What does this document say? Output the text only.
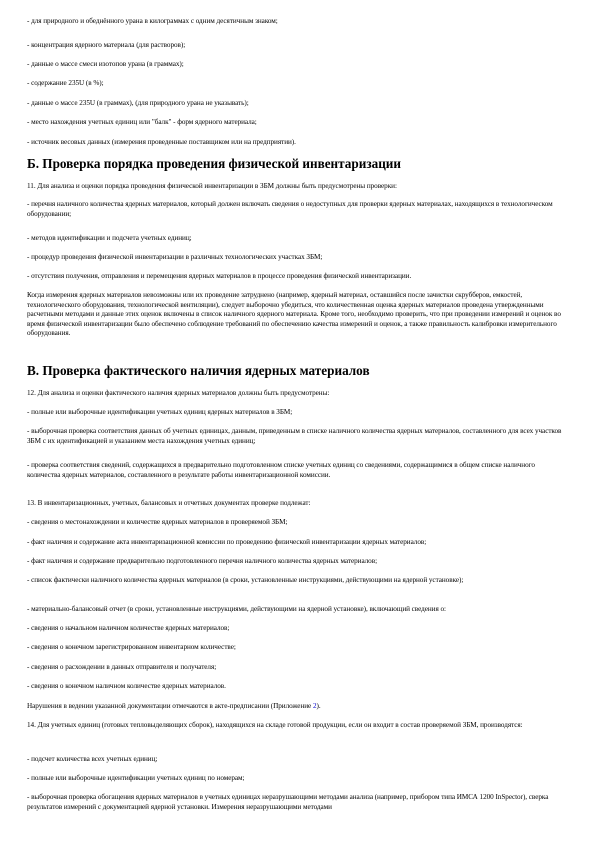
- для природного и обеднённого урана в килограммах с одним десятичным знаком;

- концентрация ядерного материала (для растворов);

- данные о массе смеси изотопов урана (в граммах);

- содержание 235U (в %);

- данные о массе 235U (в граммах), (для природного урана не указывать);

- место нахождения учетных единиц или "балк" - форм ядерного материала;

- источник весовых данных (измерения проведенные поставщиком или на предприятии).

Б. Проверка порядка проведения физической инвентаризации

11. Для анализа и оценки порядка проведения физической инвентаризации в ЗБМ должны быть предусмотрены проверки:

- перечня наличного количества ядерных материалов, который должен включать сведения о недоступных для проверки ядерных материалах, находящихся в технологическом оборудовании;

- методов идентификации и подсчета учетных единиц;

- процедур проведения физической инвентаризации в различных технологических участках ЗБМ;

- отсутствия получения, отправления и перемещения ядерных материалов в процессе проведения физической инвентаризации.

Когда измерения ядерных материалов невозможны или их проведение затруднено (например, ядерный материал, оставшийся после зачистки скрубберов, емкостей, технологического оборудования, технологической вентиляции), следует выборочно убедиться, что количественная оценка ядерных материалов проведена утвержденными расчетными методами и данные этих оценок включены в список наличного ядерного материала. Кроме того, необходимо проверить, что при проведении измерений и оценок во время физической инвентаризации было обеспечено соблюдение требований по обеспечению качества измерений и оценок, а также правильность калибровки измерительного оборудования.

В. Проверка фактического наличия ядерных материалов

12. Для анализа и оценки фактического наличия ядерных материалов должны быть предусмотрены:

- полные или выборочные идентификации учетных единиц ядерных материалов в ЗБМ;

- выборочная проверка соответствия данных об учетных единицах, данным, приведенным в списке наличного количества ядерных материалов, составленного для всех участков ЗБМ с их идентификацией и указанием места нахождения учетных единиц;

- проверка соответствия сведений, содержащихся в предварительно подготовленном списке учетных единиц со сведениями, содержащимися в общем списке наличного количества ядерных материалов, составленного в результате работы инвентаризационной комиссии.

13. В инвентаризационных, учетных, балансовых и отчетных документах проверке подлежат:

- сведения о местонахождении и количестве ядерных материалов в проверяемой ЗБМ;

- факт наличия и содержание акта инвентаризационной комиссии по проведению физической инвентаризации ядерных материалов;

- факт наличия и содержание предварительно подготовленного перечня наличного количества ядерных материалов;

- список фактически наличного количества ядерных материалов (в сроки, установленные инструкциями, действующими на ядерной установке);

- материально-балансовый отчет (в сроки, установленные инструкциями, действующими на ядерной установке), включающий сведения о:

- сведения о начальном наличном количестве ядерных материалов;

- сведения о конечном зарегистрированном инвентарном количестве;

- сведения о расхождении в данных отправителя и получателя;

- сведения о конечном наличном количестве ядерных материалов.

Нарушения в ведении указанной документации отмечаются в акте-предписании (Приложение 2).

14. Для учетных единиц (готовых тепловыделяющих сборок), находящихся на складе готовой продукции, если он входит в состав проверяемой ЗБМ, производятся:

- подсчет количества всех учетных единиц;

- полные или выборочные идентификации учетных единиц по номерам;

- выборочная проверка обогащения ядерных материалов в учетных единицах неразрушающими методами анализа (например, прибором типа ИМСА 1200 InSpector), сверка результатов измерений с документацией ядерной установки. Измерения неразрушающими методами
